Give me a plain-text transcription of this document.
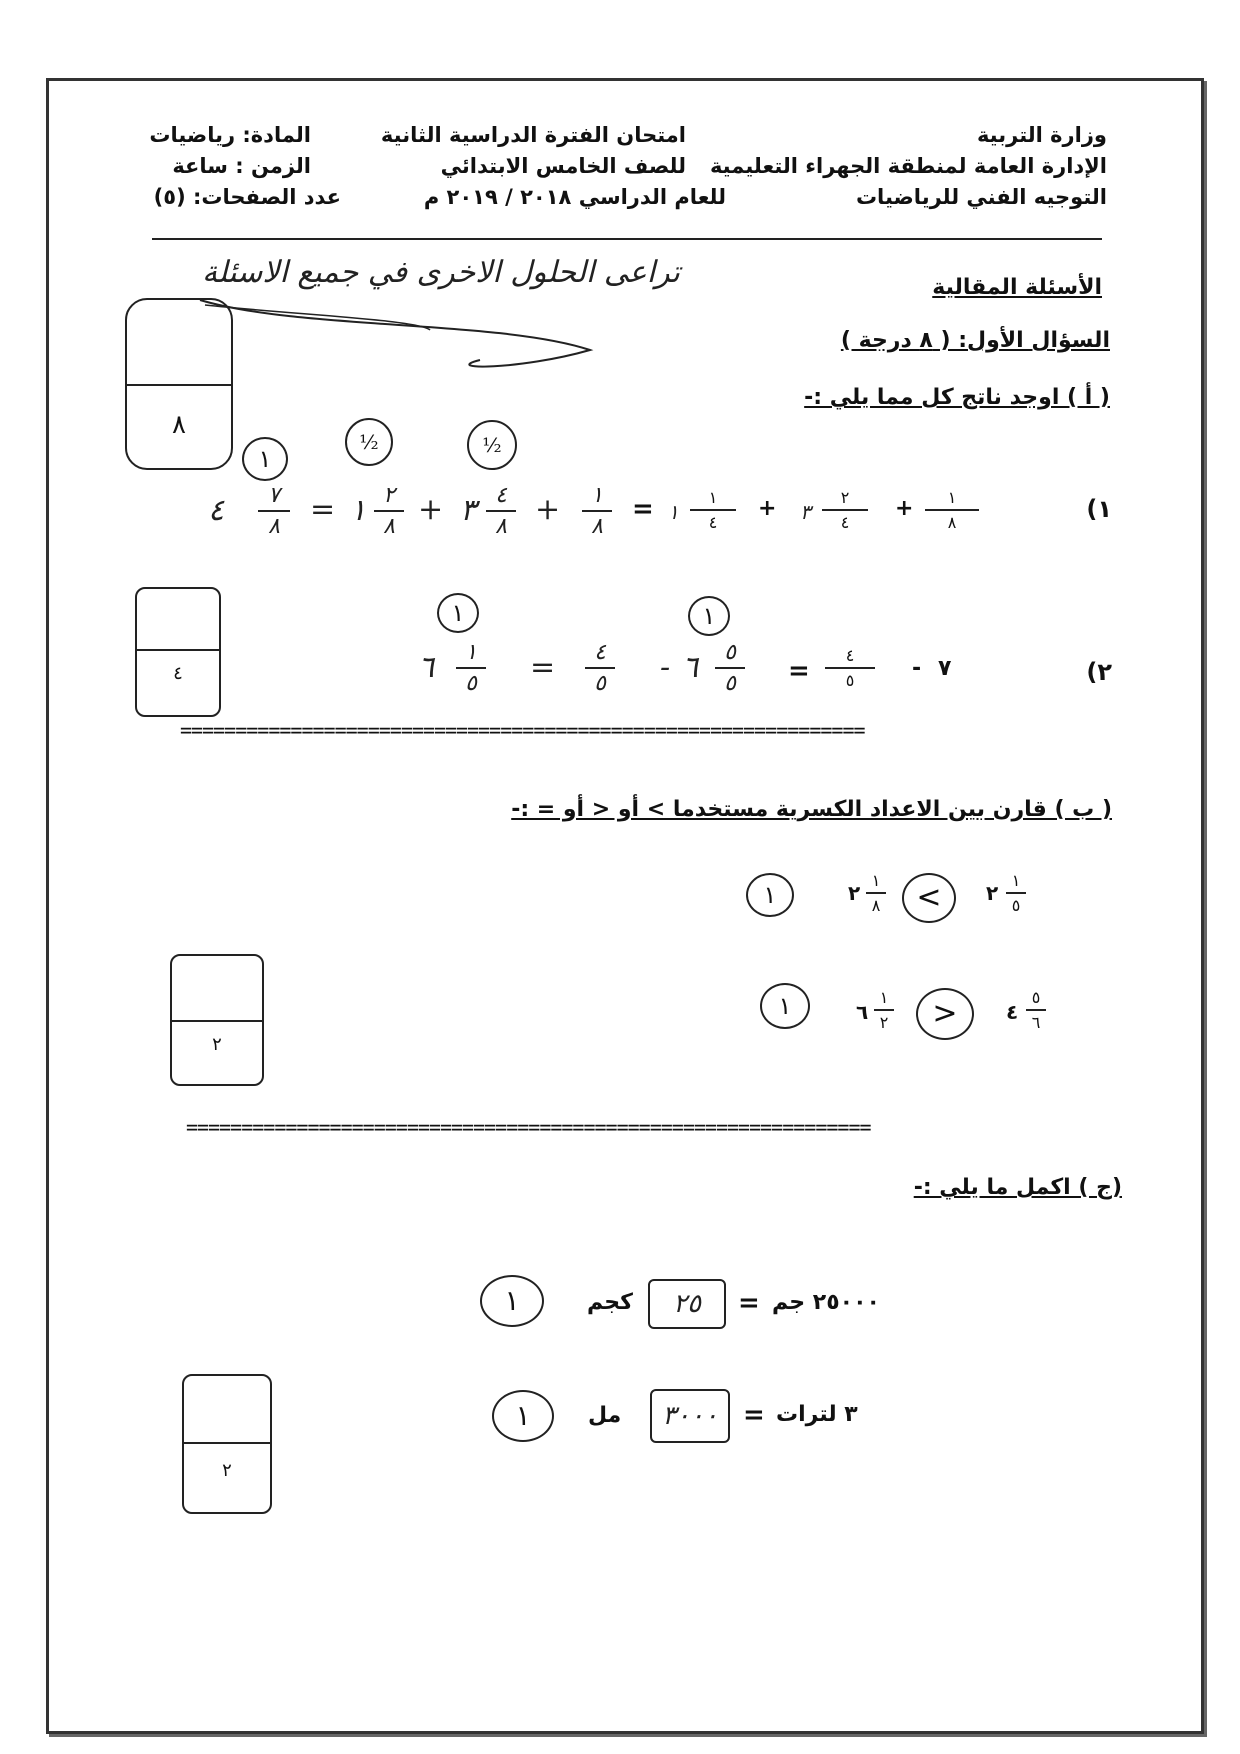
وزارة التربية
الإدارة العامة لمنطقة الجهراء التعليمية
التوجيه الفني للرياضيات
امتحان الفترة الدراسية الثانية
للصف الخامس الابتدائي
للعام الدراسي ٢٠١٨ / ٢٠١٩ م
المادة: رياضيات
الزمن : ساعة
عدد الصفحات: (٥)
تراعى الحلول الاخرى في جميع الاسئلة	الأسئلة المقالية
السؤال الأول: ( ٨ درجة )
٨
( أ ) اوجد ناتج كل مما يلي :-
١
½	½
١)
١
١
٤
+ ٣
٢
٤
+ ١
٨
=
١
٨
+
٤
٨
٣
+
٢
٨
١
=
٧
٨
٤
٤
١	١
٢)
٧
-
٤
٥
=
٥
٥
٦
-
٤
٥
=
١
٥
٦
==============================================================
( ب ) قارن بين الاعداد الكسرية مستخدما > أو < أو = :-
١	٢
١
٨	<	٢
١
٥
١	٦
١
٢	>	٤
٥
٦
٢
==============================================================
(ج ) اكمل ما يلي :-
١	كجم	٢٥	= ٢٥٠٠٠ جم
١	مل	٣٠٠٠ = ٣ لترات
٢
